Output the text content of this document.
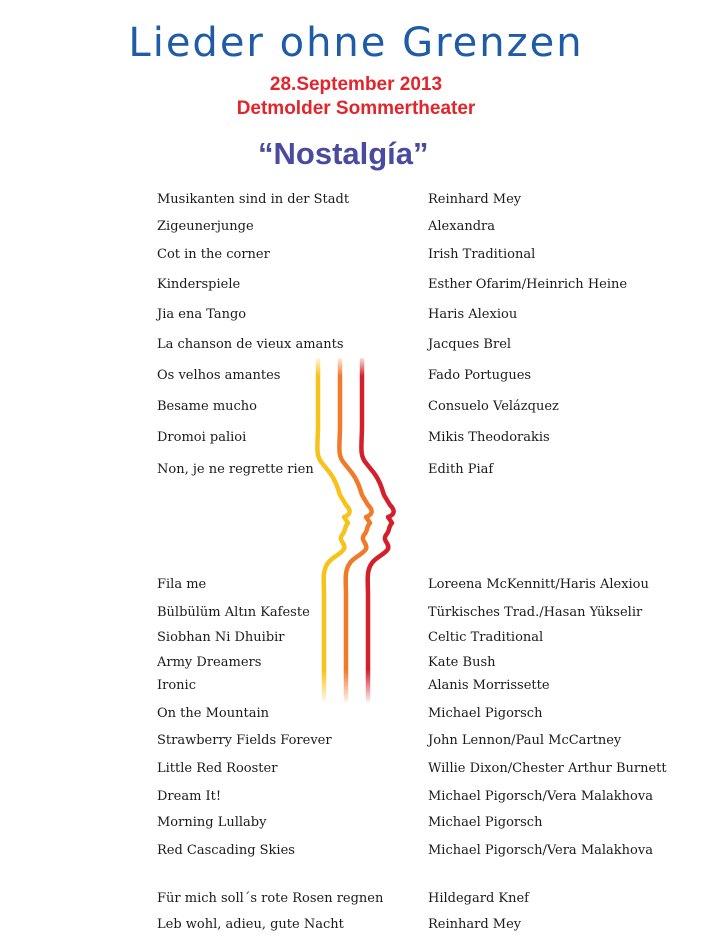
Lieder ohne Grenzen
28.September 2013
Detmolder Sommertheater
“Nostalgía”
Musikanten sind in der Stadt	Reinhard Mey
Zigeunerjunge	Alexandra
Cot in the corner	Irish Traditional
Kinderspiele	Esther Ofarim/Heinrich Heine
Jia ena Tango	Haris Alexiou
La chanson de vieux amants	Jacques Brel
Os velhos amantes	Fado Portugues
Besame mucho	Consuelo Velázquez
Dromoi palioi	Mikis Theodorakis
Non, je ne regrette rien	Edith Piaf
Fila me	Loreena McKennitt/Haris Alexiou
Bülbülüm Altın Kafeste	Türkisches Trad./Hasan Yükselir
Siobhan Ni Dhuibir	Celtic Traditional
Army Dreamers	Kate Bush
Ironic	Alanis Morrissette
On the Mountain	Michael Pigorsch
Strawberry Fields Forever	John Lennon/Paul McCartney
Little Red Rooster	Willie Dixon/Chester Arthur Burnett
Dream It!	Michael Pigorsch/Vera Malakhova
Morning Lullaby	Michael Pigorsch
Red Cascading Skies	Michael Pigorsch/Vera Malakhova
Für mich soll´s rote Rosen regnen	Hildegard Knef
Leb wohl, adieu, gute Nacht	Reinhard Mey
